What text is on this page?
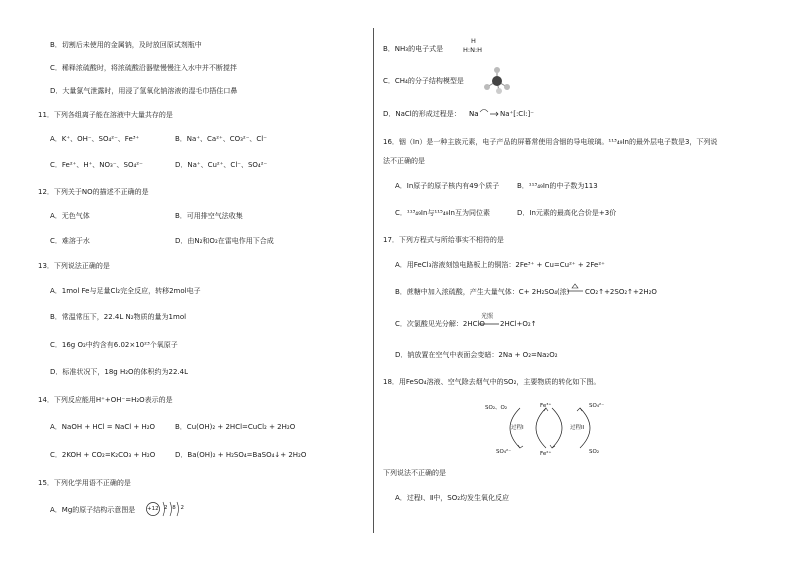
B．切割后未使用的金属钠，及时放回原试剂瓶中
C．稀释浓硫酸时，将浓硫酸沿器壁慢慢注入水中并不断搅拌
D．大量氯气泄露时，用浸了氢氧化钠溶液的湿毛巾捂住口鼻
11．下列各组离子能在溶液中大量共存的是
A．K⁺、OH⁻、SO₄²⁻、Fe³⁺	B．Na⁺、Ca²⁺、CO₃²⁻、Cl⁻
C．Fe²⁺、H⁺、NO₃⁻、SO₄²⁻	D．Na⁺、Cu²⁺、Cl⁻、SO₄²⁻
12．下列关于NO的描述不正确的是
A．无色气体	B．可用排空气法收集
C．难溶于水	D．由N₂和O₂在雷电作用下合成
13．下列说法正确的是
A．1mol Fe与足量Cl₂完全反应，转移2mol电子
B．常温常压下，22.4L N₂物质的量为1mol
C．16g O₂中约含有6.02×10²³个氧原子
D．标准状况下，18g H₂O的体积约为22.4L
14．下列反应能用H⁺+OH⁻=H₂O表示的是
A．NaOH + HCl = NaCl + H₂O	B．Cu(OH)₂ + 2HCl=CuCl₂ + 2H₂O
C．2KOH + CO₂=K₂CO₃ + H₂O	D．Ba(OH)₂ + H₂SO₄=BaSO₄↓+ 2H₂O
15．下列化学用语不正确的是
A．Mg的原子结构示意图是 +12 2 8 2
B．NH₃的电子式是
H
H:N:H
C．CH₄的分子结构模型是
D．NaCl的形成过程是： Na	Na⁺[:Cl:]⁻
16．铟（In）是一种主族元素，电子产品的屏幕常使用含铟的导电玻璃。¹¹³₄₉In的最外层电子数是3，下列说
法不正确的是
A．In原子的原子核内有49个质子	B．¹¹³₄₉In的中子数为113
C．¹¹³₄₉In与¹¹⁵₄₉In互为同位素	D．In元素的最高化合价是+3价
17．下列方程式与所给事实不相符的是
A．用FeCl₃溶液刻蚀电路板上的铜箔：2Fe³⁺ + Cu=Cu²⁺ + 2Fe²⁺
B．蔗糖中加入浓硫酸，产生大量气体：C+ 2H₂SO₄(浓) CO₂↑+2SO₂↑+2H₂O
C．次氯酸见光分解：2HClO
光照
2HCl+O₂↑
D．钠放置在空气中表面会变暗：2Na + O₂=Na₂O₂
18．用FeSO₄溶液、空气除去烟气中的SO₂，主要物质的转化如下图。
SO₂、O₂	Fe³⁺	SO₄²⁻
过程I	过程II
SO₄²⁻	Fe²⁺	SO₂
下列说法不正确的是
A．过程Ⅰ、Ⅱ中，SO₂均发生氧化反应
